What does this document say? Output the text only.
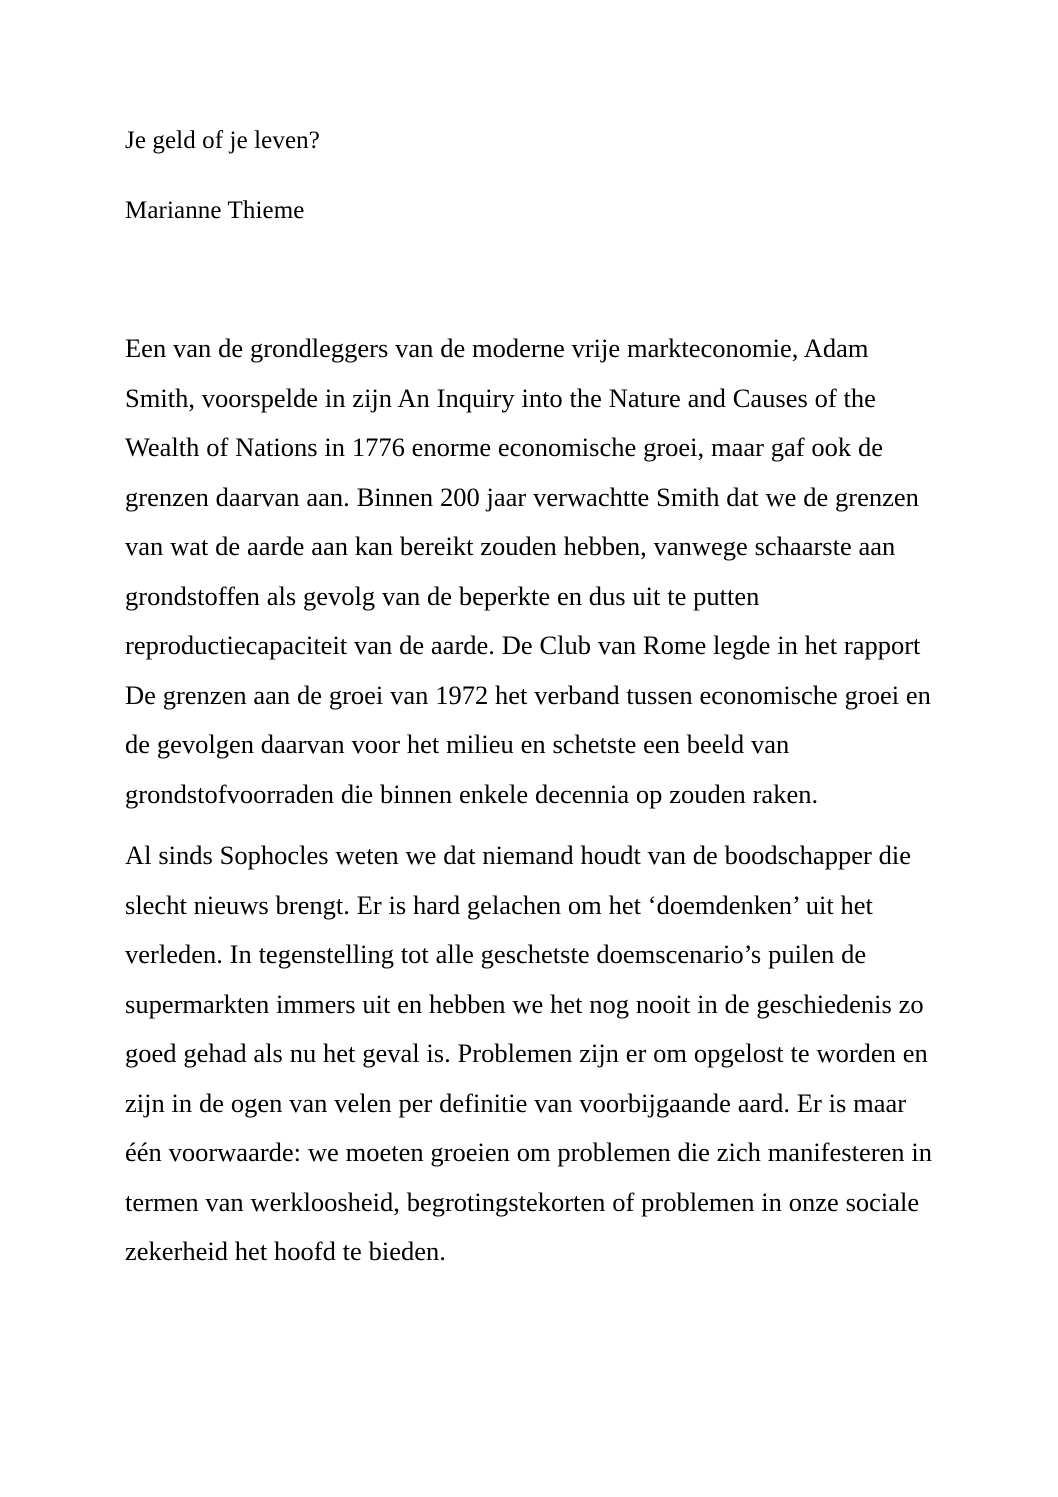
Je geld of je leven?

Marianne Thieme

Een van de grondleggers van de moderne vrije markteconomie, Adam Smith, voorspelde in zijn An Inquiry into the Nature and Causes of the Wealth of Nations in 1776 enorme economische groei, maar gaf ook de grenzen daarvan aan. Binnen 200 jaar verwachtte Smith dat we de grenzen van wat de aarde aan kan bereikt zouden hebben, vanwege schaarste aan grondstoffen als gevolg van de beperkte en dus uit te putten reproductiecapaciteit van de aarde. De Club van Rome legde in het rapport De grenzen aan de groei van 1972 het verband tussen economische groei en de gevolgen daarvan voor het milieu en schetste een beeld van grondstofvoorraden die binnen enkele decennia op zouden raken.

Al sinds Sophocles weten we dat niemand houdt van de boodschapper die slecht nieuws brengt. Er is hard gelachen om het ‘doemdenken’ uit het verleden. In tegenstelling tot alle geschetste doemscenario’s puilen de supermarkten immers uit en hebben we het nog nooit in de geschiedenis zo goed gehad als nu het geval is. Problemen zijn er om opgelost te worden en zijn in de ogen van velen per definitie van voorbijgaande aard. Er is maar één voorwaarde: we moeten groeien om problemen die zich manifesteren in termen van werkloosheid, begrotingstekorten of problemen in onze sociale zekerheid het hoofd te bieden.
